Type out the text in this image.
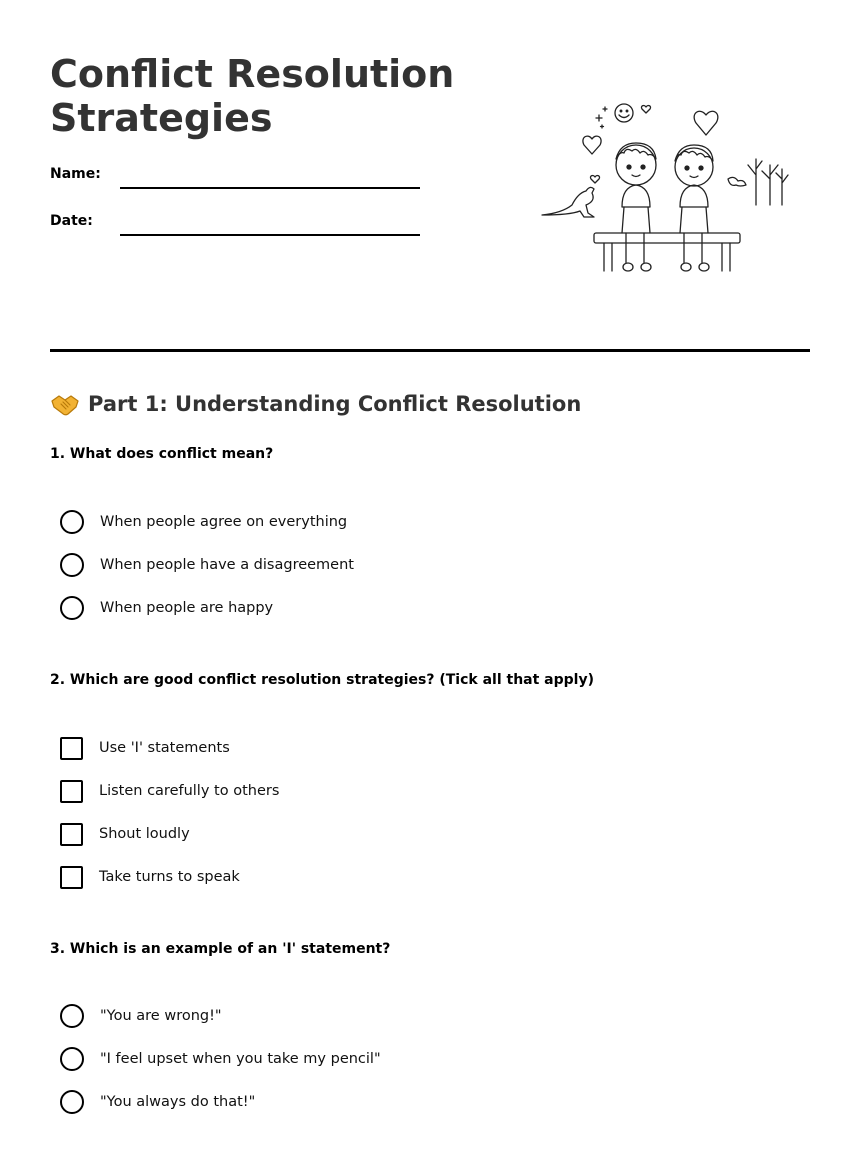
Conflict Resolution Strategies
Name:
Date:
Part 1: Understanding Conflict Resolution

1. What does conflict mean?

When people agree on everything
When people have a disagreement
When people are happy

2. Which are good conflict resolution strategies? (Tick all that apply)

Use 'I' statements
Listen carefully to others
Shout loudly
Take turns to speak

3. Which is an example of an 'I' statement?

"You are wrong!"
"I feel upset when you take my pencil"
"You always do that!"
